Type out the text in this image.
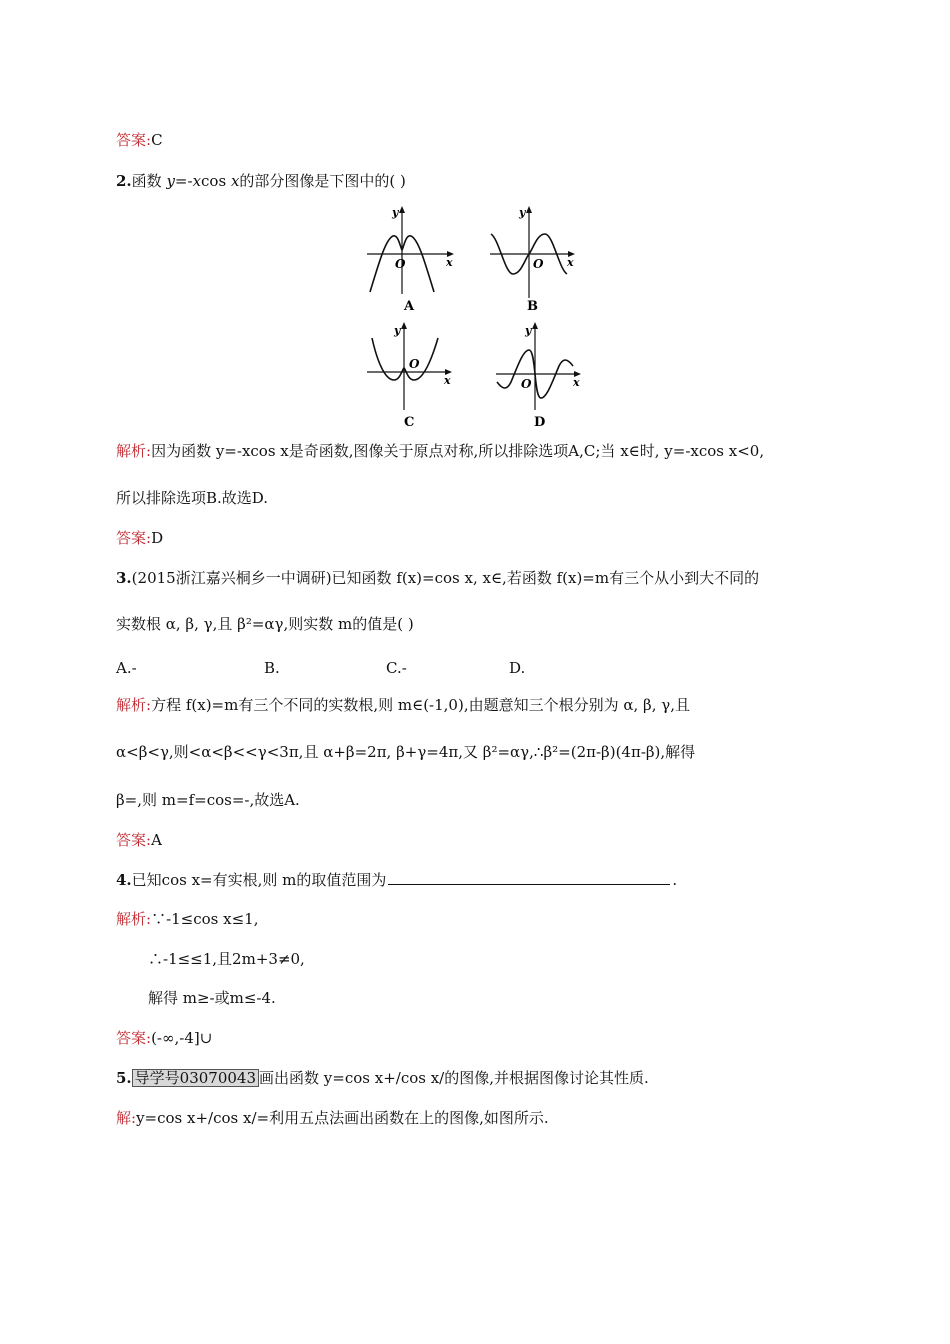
答案:C
2.函数 y=-xcos x的部分图像是下图中的( )
y
x
O
A
y
x
O
B
y
x
O
C
y
x
O
D
解析:因为函数 y=-xcos x是奇函数,图像关于原点对称,所以排除选项A,C;当 x∈时, y=-xcos x<0,
所以排除选项B.故选D.
答案:D
3.(2015浙江嘉兴桐乡一中调研)已知函数 f(x)=cos x, x∈,若函数 f(x)=m有三个从小到大不同的
实数根 α, β, γ,且 β²=αγ,则实数 m的值是( )
A.-	B.	C.-	D.
解析:方程 f(x)=m有三个不同的实数根,则 m∈(-1,0),由题意知三个根分别为 α, β, γ,且
α<β<γ,则<α<β<<γ<3π,且 α+β=2π, β+γ=4π,又 β²=αγ,∴β²=(2π-β)(4π-β),解得
β=,则 m=f=cos=-,故选A.
答案:A
4.已知cos x=有实根,则 m的取值范围为	.
解析:∵-1≤cos x≤1,
∴-1≤≤1,且2m+3≠0,
解得 m≥-或m≤-4.
答案:(-∞,-4]∪
5. 导学号03070043 画出函数 y=cos x+/cos x/的图像,并根据图像讨论其性质.
解:y=cos x+/cos x/=利用五点法画出函数在上的图像,如图所示.
